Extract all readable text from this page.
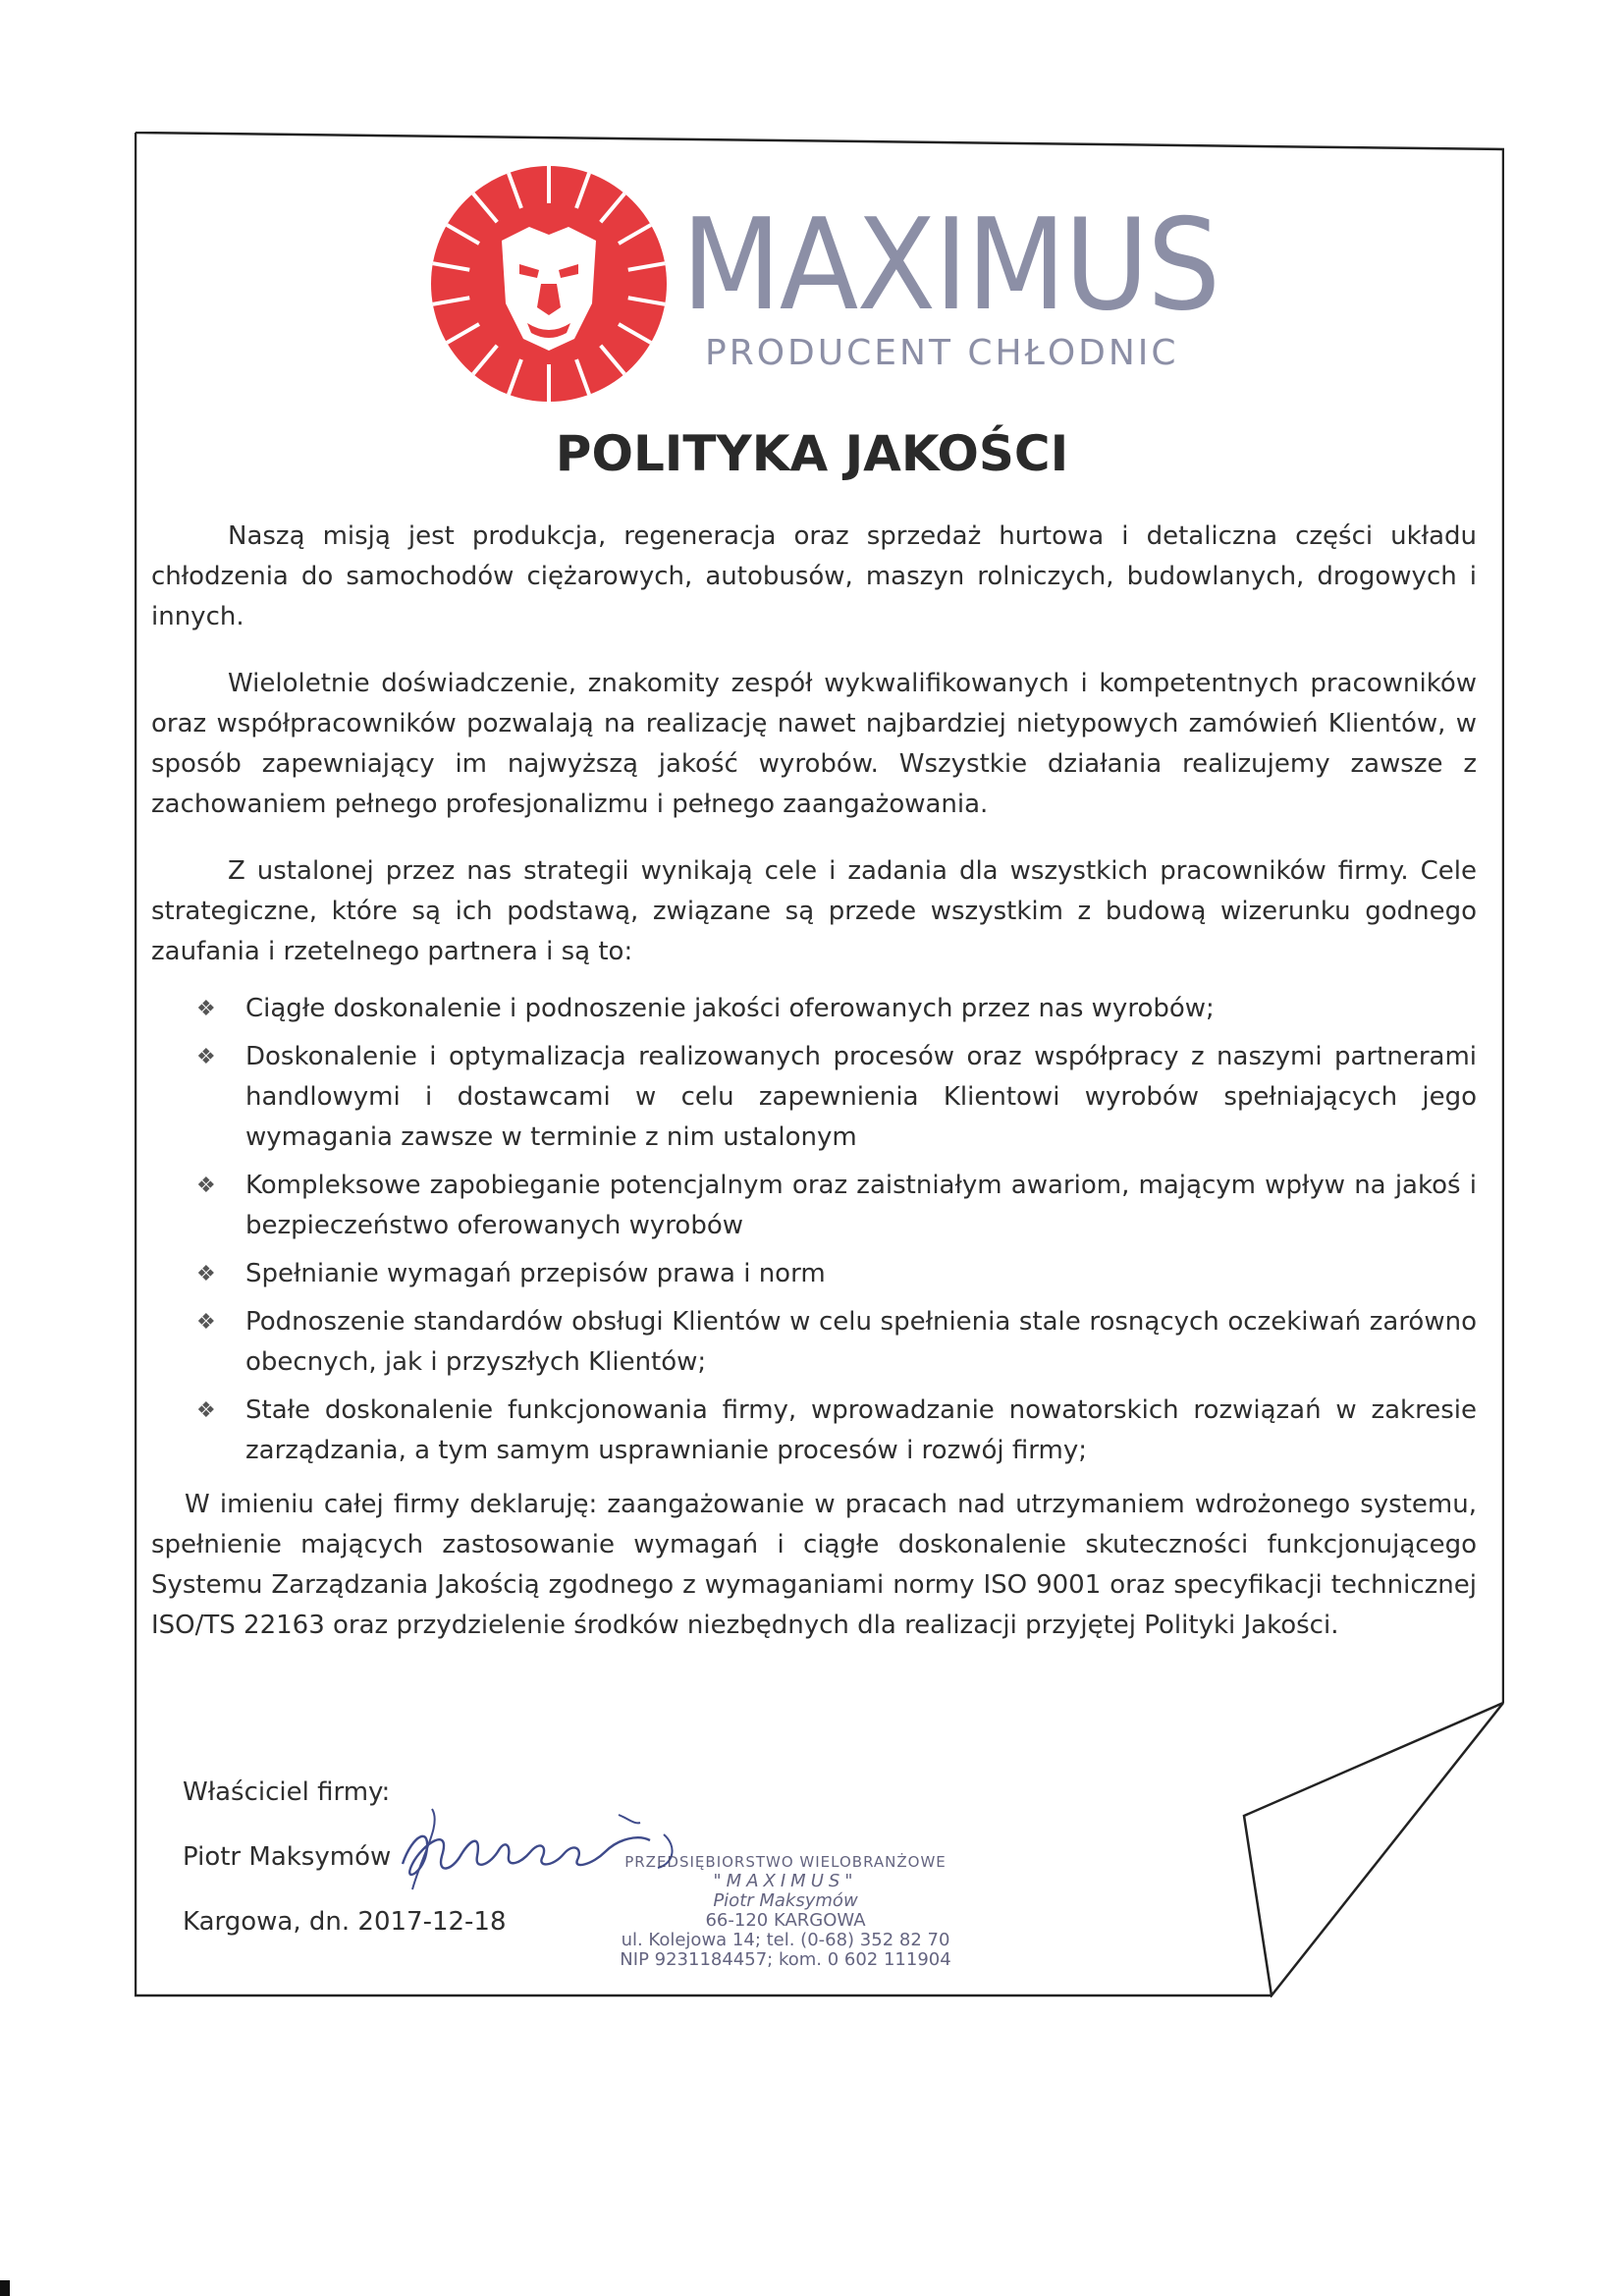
MAXIMUS
PRODUCENT CHŁODNIC
POLITYKA JAKOŚCI

Naszą misją jest produkcja, regeneracja oraz sprzedaż hurtowa i detaliczna części układu chłodzenia do samochodów ciężarowych, autobusów, maszyn rolniczych, budowlanych, drogowych i innych.

Wieloletnie doświadczenie, znakomity zespół wykwalifikowanych i kompetentnych pracowników oraz współpracowników pozwalają na realizację nawet najbardziej nietypowych zamówień Klientów, w sposób zapewniający im najwyższą jakość wyrobów. Wszystkie działania realizujemy zawsze z zachowaniem pełnego profesjonalizmu i pełnego zaangażowania.

Z ustalonej przez nas strategii wynikają cele i zadania dla wszystkich pracowników firmy. Cele strategiczne, które są ich podstawą, związane są przede wszystkim z budową wizerunku godnego zaufania i rzetelnego partnera i są to:

❖ Ciągłe doskonalenie i podnoszenie jakości oferowanych przez nas wyrobów;
❖ Doskonalenie i optymalizacja realizowanych procesów oraz współpracy z naszymi partnerami handlowymi i dostawcami w celu zapewnienia Klientowi wyrobów spełniających jego wymagania zawsze w terminie z nim ustalonym
❖ Kompleksowe zapobieganie potencjalnym oraz zaistniałym awariom, mającym wpływ na jakoś i bezpieczeństwo oferowanych wyrobów
❖ Spełnianie wymagań przepisów prawa i norm
❖ Podnoszenie standardów obsługi Klientów w celu spełnienia stale rosnących oczekiwań zarówno obecnych, jak i przyszłych Klientów;
❖ Stałe doskonalenie funkcjonowania firmy, wprowadzanie nowatorskich rozwiązań w zakresie zarządzania, a tym samym usprawnianie procesów i rozwój firmy;

W imieniu całej firmy deklaruję: zaangażowanie w pracach nad utrzymaniem wdrożonego systemu, spełnienie mających zastosowanie wymagań i ciągłe doskonalenie skuteczności funkcjonującego Systemu Zarządzania Jakością zgodnego z wymaganiami normy ISO 9001 oraz specyfikacji technicznej ISO/TS 22163 oraz przydzielenie środków niezbędnych dla realizacji przyjętej Polityki Jakości.

Właściciel firmy:
Piotr Maksymów
Kargowa, dn. 2017-12-18
PRZEDSIĘBIORSTWO WIELOBRANŻOWE
"MAXIMUS"
Piotr Maksymów
66-120 KARGOWA
ul. Kolejowa 14; tel. (0-68) 352 82 70
NIP 9231184457; kom. 0 602 111904
